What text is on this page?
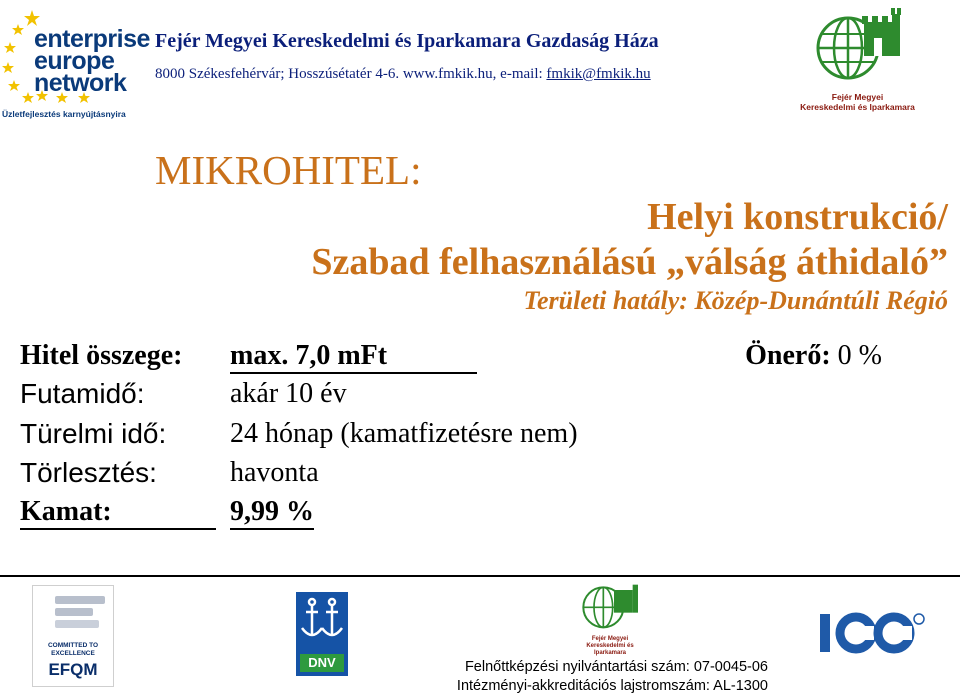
enterprise
europe
network
Üzletfejlesztés karnyújtásnyira
Fejér Megyei Kereskedelmi és Iparkamara Gazdaság Háza
8000 Székesfehérvár; Hosszúsétatér 4-6. www.fmkik.hu, e-mail: fmkik@fmkik.hu
Fejér Megyei
Kereskedelmi és Iparkamara
MIKROHITEL:
Helyi konstrukció/
Szabad felhasználású „válság áthidaló”
Területi hatály: Közép-Dunántúli Régió
Hitel összege: max. 7,0 mFt	Önerő: 0 %
Futamidő:	akár 10 év
Türelmi idő: 24 hónap (kamatfizetésre nem)
Törlesztés:	havonta
Kamat:	9,99 %
COMMITTED TO
EXCELLENCE
EFQM	DNV
Fejér Megyei
Kereskedelmi és Iparkamara
Felnőttképzési nyilvántartási szám: 07-0045-06
Intézményi-akkreditációs lajstromszám: AL-1300
